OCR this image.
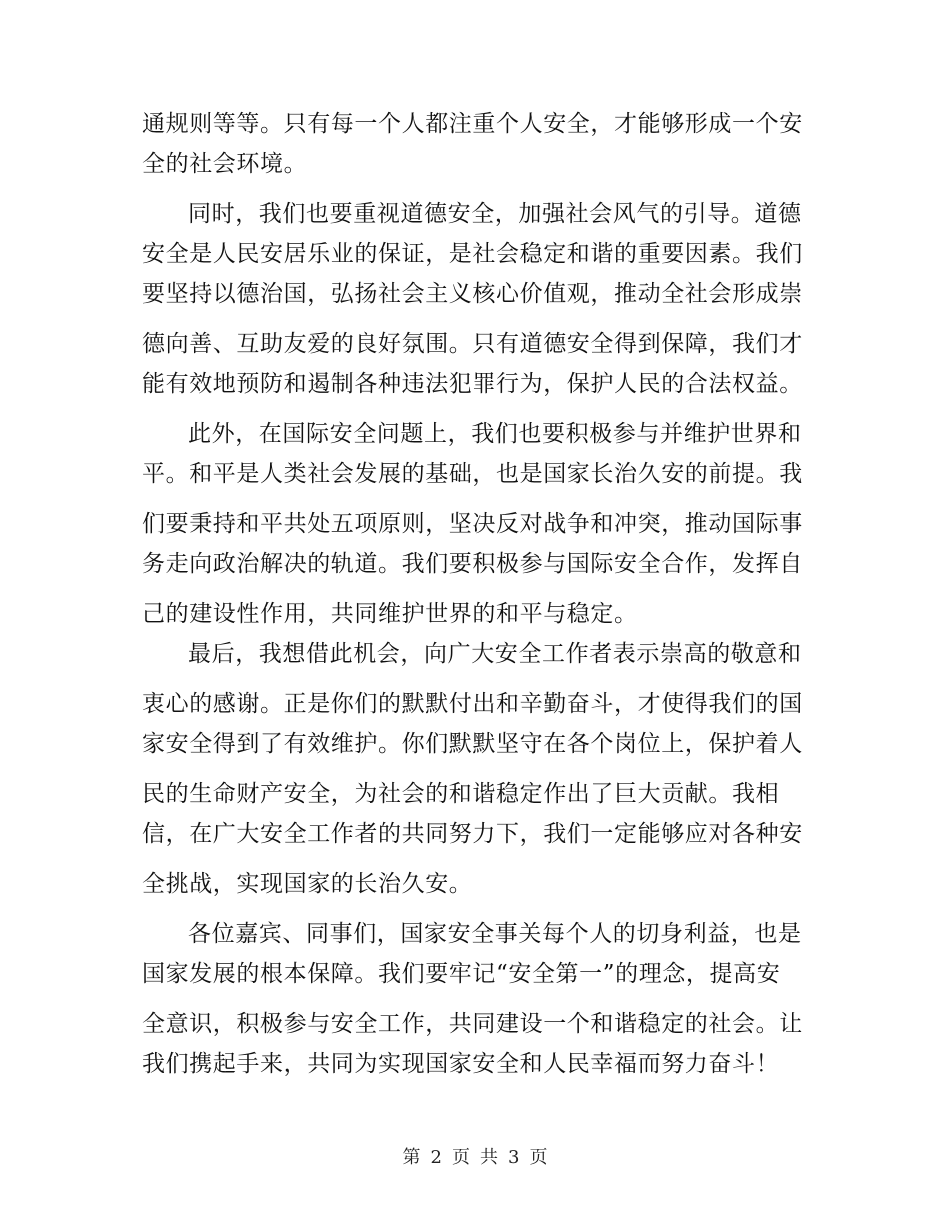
通规则等等。只有每一个人都注重个人安全，才能够形成一个安
全的社会环境。
同时，我们也要重视道德安全，加强社会风气的引导。道德
安全是人民安居乐业的保证，是社会稳定和谐的重要因素。我们
要坚持以德治国，弘扬社会主义核心价值观，推动全社会形成崇
德向善、互助友爱的良好氛围。只有道德安全得到保障，我们才
能有效地预防和遏制各种违法犯罪行为，保护人民的合法权益。
此外，在国际安全问题上，我们也要积极参与并维护世界和
平。和平是人类社会发展的基础，也是国家长治久安的前提。我
们要秉持和平共处五项原则，坚决反对战争和冲突，推动国际事
务走向政治解决的轨道。我们要积极参与国际安全合作，发挥自
己的建设性作用，共同维护世界的和平与稳定。
最后，我想借此机会，向广大安全工作者表示崇高的敬意和
衷心的感谢。正是你们的默默付出和辛勤奋斗，才使得我们的国
家安全得到了有效维护。你们默默坚守在各个岗位上，保护着人
民的生命财产安全，为社会的和谐稳定作出了巨大贡献。我相
信，在广大安全工作者的共同努力下，我们一定能够应对各种安
全挑战，实现国家的长治久安。
各位嘉宾、同事们，国家安全事关每个人的切身利益，也是
国家发展的根本保障。我们要牢记“安全第一”的理念，提高安
全意识，积极参与安全工作，共同建设一个和谐稳定的社会。让
我们携起手来，共同为实现国家安全和人民幸福而努力奋斗！
第 2 页 共 3 页
